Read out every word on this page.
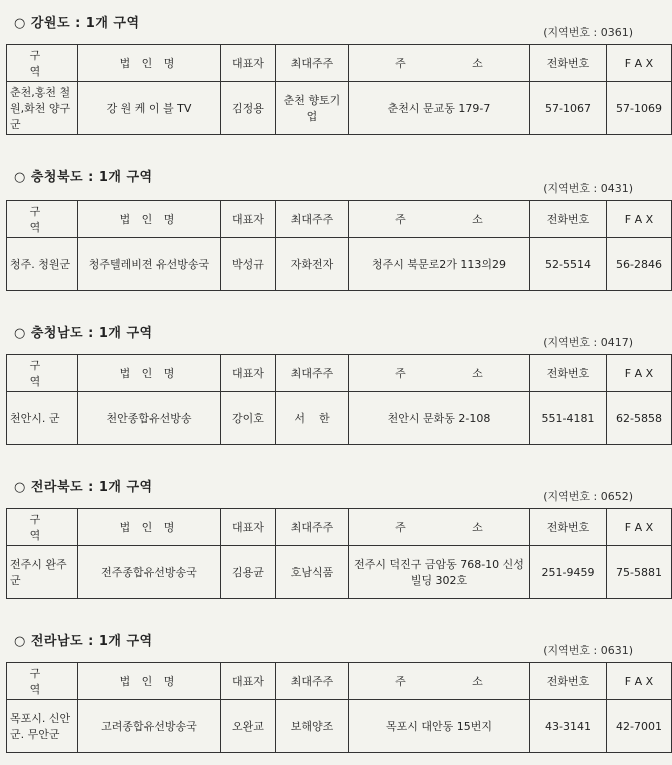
○ 강원도 : 1개 구역
(지역번호 : 0361)
구 역	법 인 명	대표자	최대주주	주 소	전화번호	F A X
춘천,홍천 철원,화천 양구군	강 원 케 이 블 TV	김정용	춘천 향토기업	춘천시 문교동 179-7	57-1067	57-1069
○ 충청북도 : 1개 구역
(지역번호 : 0431)
구 역	법 인 명	대표자	최대주주	주 소	전화번호	F A X
청주. 청원군	청주텔레비젼 유선방송국	박성규	자화전자	청주시 북문로2가 113의29	52-5514	56-2846
○ 충청남도 : 1개 구역
(지역번호 : 0417)
구 역	법 인 명	대표자	최대주주	주 소	전화번호	F A X
천안시. 군	천안종합유선방송	강이호	서    한	천안시 문화동 2-108	551-4181	62-5858
○ 전라북도 : 1개 구역
(지역번호 : 0652)
구 역	법 인 명	대표자	최대주주	주 소	전화번호	F A X
전주시 완주군	전주종합유선방송국	김용균	호남식품	전주시 덕진구 금암동 768-10 신성빌딩 302호	251-9459	75-5881
○ 전라남도 : 1개 구역
(지역번호 : 0631)
구 역	법 인 명	대표자	최대주주	주 소	전화번호	F A X
목포시. 신안군. 무안군	고려종합유선방송국	오완교	보해양조	목포시 대안동 15번지	43-3141	42-7001
